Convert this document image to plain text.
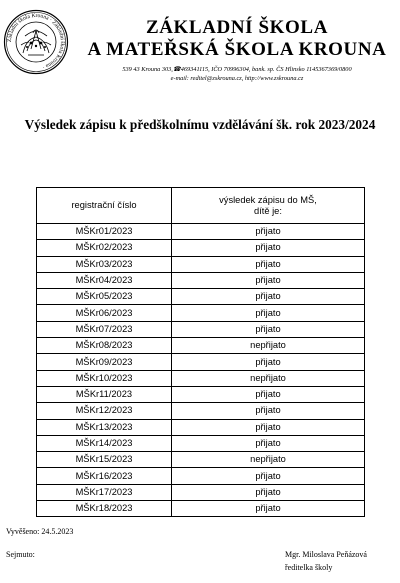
Základní škola Krouna · Základní škola Krouna ·
ZÁKLADNÍ ŠKOLA
A MATEŘSKÁ ŠKOLA KROUNA
539 43 Krouna 303,☎469341115, IČO 70996304, bank. sp. ČS Hlinsko 1145367369/0800
e-mail: reditel@zskrouna.cz, http://www.zskrouna.cz
Výsledek zápisu k předškolnímu vzdělávání šk. rok 2023/2024
registrační číslo	výsledek zápisu do MŠ,
dítě je:

MŠKr01/2023	přijato
MŠKr02/2023	přijato
MŠKr03/2023	přijato
MŠKr04/2023	přijato
MŠKr05/2023	přijato
MŠKr06/2023	přijato
MŠKr07/2023	přijato
MŠKr08/2023	nepřijato
MŠKr09/2023	přijato
MŠKr10/2023	nepřijato
MŠKr11/2023	přijato
MŠKr12/2023	přijato
MŠKr13/2023	přijato
MŠKr14/2023	přijato
MŠKr15/2023	nepřijato
MŠKr16/2023	přijato
MŠKr17/2023	přijato
MŠKr18/2023	přijato
Vyvěšeno: 24.5.2023
Sejmuto:	Mgr. Miloslava Peňázová
ředitelka školy
